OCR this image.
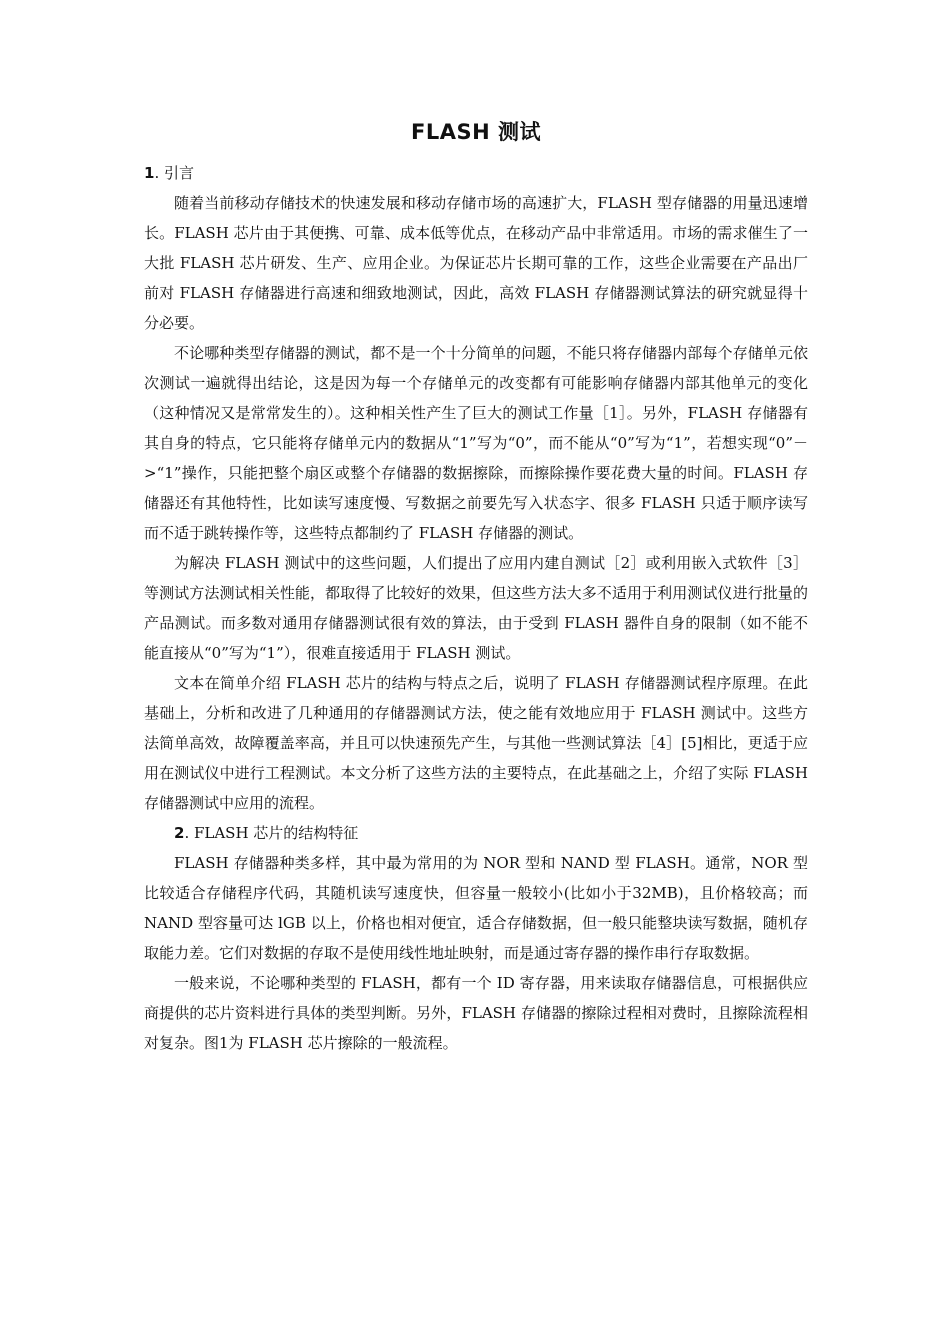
FLASH 测试

1. 引言

随着当前移动存储技术的快速发展和移动存储市场的高速扩大，FLASH 型存储器的用量迅速增长。FLASH 芯片由于其便携、可靠、成本低等优点，在移动产品中非常适用。市场的需求催生了一大批 FLASH 芯片研发、生产、应用企业。为保证芯片长期可靠的工作，这些企业需要在产品出厂前对 FLASH 存储器进行高速和细致地测试，因此，高效 FLASH 存储器测试算法的研究就显得十分必要。

不论哪种类型存储器的测试，都不是一个十分简单的问题，不能只将存储器内部每个存储单元依次测试一遍就得出结论，这是因为每一个存储单元的改变都有可能影响存储器内部其他单元的变化（这种情况又是常常发生的）。这种相关性产生了巨大的测试工作量［1］。另外，FLASH 存储器有其自身的特点，它只能将存储单元内的数据从“1”写为“0”，而不能从“0”写为“1”，若想实现“0”－>“1”操作，只能把整个扇区或整个存储器的数据擦除，而擦除操作要花费大量的时间。FLASH 存储器还有其他特性，比如读写速度慢、写数据之前要先写入状态字、很多 FLASH 只适于顺序读写而不适于跳转操作等，这些特点都制约了 FLASH 存储器的测试。

为解决 FLASH 测试中的这些问题，人们提出了应用内建自测试［2］或利用嵌入式软件［3］等测试方法测试相关性能，都取得了比较好的效果，但这些方法大多不适用于利用测试仪进行批量的产品测试。而多数对通用存储器测试很有效的算法，由于受到 FLASH 器件自身的限制（如不能不能直接从“0”写为“1”），很难直接适用于 FLASH 测试。

文本在简单介绍 FLASH 芯片的结构与特点之后，说明了 FLASH 存储器测试程序原理。在此基础上，分析和改进了几种通用的存储器测试方法，使之能有效地应用于 FLASH 测试中。这些方法简单高效，故障覆盖率高，并且可以快速预先产生，与其他一些测试算法［4］[5]相比，更适于应用在测试仪中进行工程测试。本文分析了这些方法的主要特点，在此基础之上，介绍了实际 FLASH 存储器测试中应用的流程。

2. FLASH 芯片的结构特征

FLASH 存储器种类多样，其中最为常用的为 NOR 型和 NAND 型 FLASH。通常，NOR 型比较适合存储程序代码，其随机读写速度快，但容量一般较小(比如小于32MB)，且价格较高；而 NAND 型容量可达 lGB 以上，价格也相对便宜，适合存储数据，但一般只能整块读写数据，随机存取能力差。它们对数据的存取不是使用线性地址映射，而是通过寄存器的操作串行存取数据。

一般来说，不论哪种类型的 FLASH，都有一个 ID 寄存器，用来读取存储器信息，可根据供应商提供的芯片资料进行具体的类型判断。另外，FLASH 存储器的擦除过程相对费时，且擦除流程相对复杂。图1为 FLASH 芯片擦除的一般流程。
